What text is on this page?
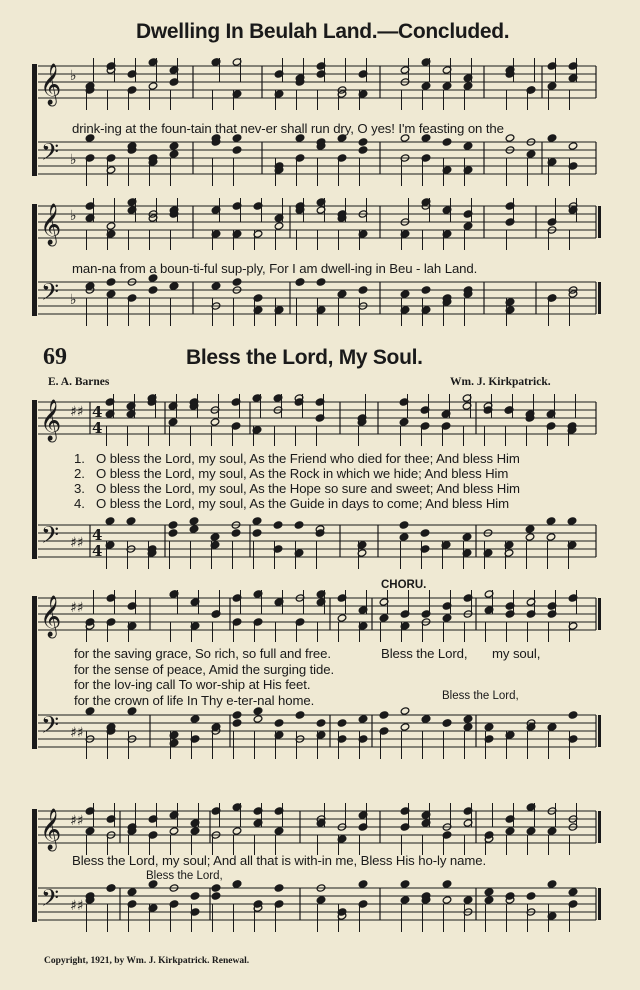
Dwelling In Beulah Land.—Concluded.
𝄞 ♭
𝄢 ♭
𝄞 ♭
𝄢 ♭
𝄞 ♯♯ 4
4
𝄢 ♯♯ 4
4
𝄞 ♯♯
𝄢 ♯♯
𝄞 ♯♯
𝄢 ♯♯
drink-ing at the foun-tain that nev-er shall run dry, O yes! I'm feasting on the
man-na from a boun-ti-ful sup-ply, For I am dwell-ing in Beu - lah Land.
69	Bless the Lord, My Soul.
E. A. Barnes	Wm. J. Kirkpatrick.
1. O bless the Lord, my soul, As the Friend who died for thee; And bless Him
2. O bless the Lord, my soul, As the Rock in which we hide; And bless Him
3. O bless the Lord, my soul, As the Hope so sure and sweet; And bless Him
4. O bless the Lord, my soul, As the Guide in days to come; And bless Him
CHORU.
for the saving grace, So rich, so full and free.
for the sense of peace, Amid the surging tide.
for the lov-ing call To wor-ship at His feet.
for the crown of life In Thy e-ter-nal home.
Bless the Lord, my soul,
Bless the Lord,
Bless the Lord, my soul; And all that is with-in me, Bless His ho-ly name.
Bless the Lord,
Copyright, 1921, by Wm. J. Kirkpatrick. Renewal.
